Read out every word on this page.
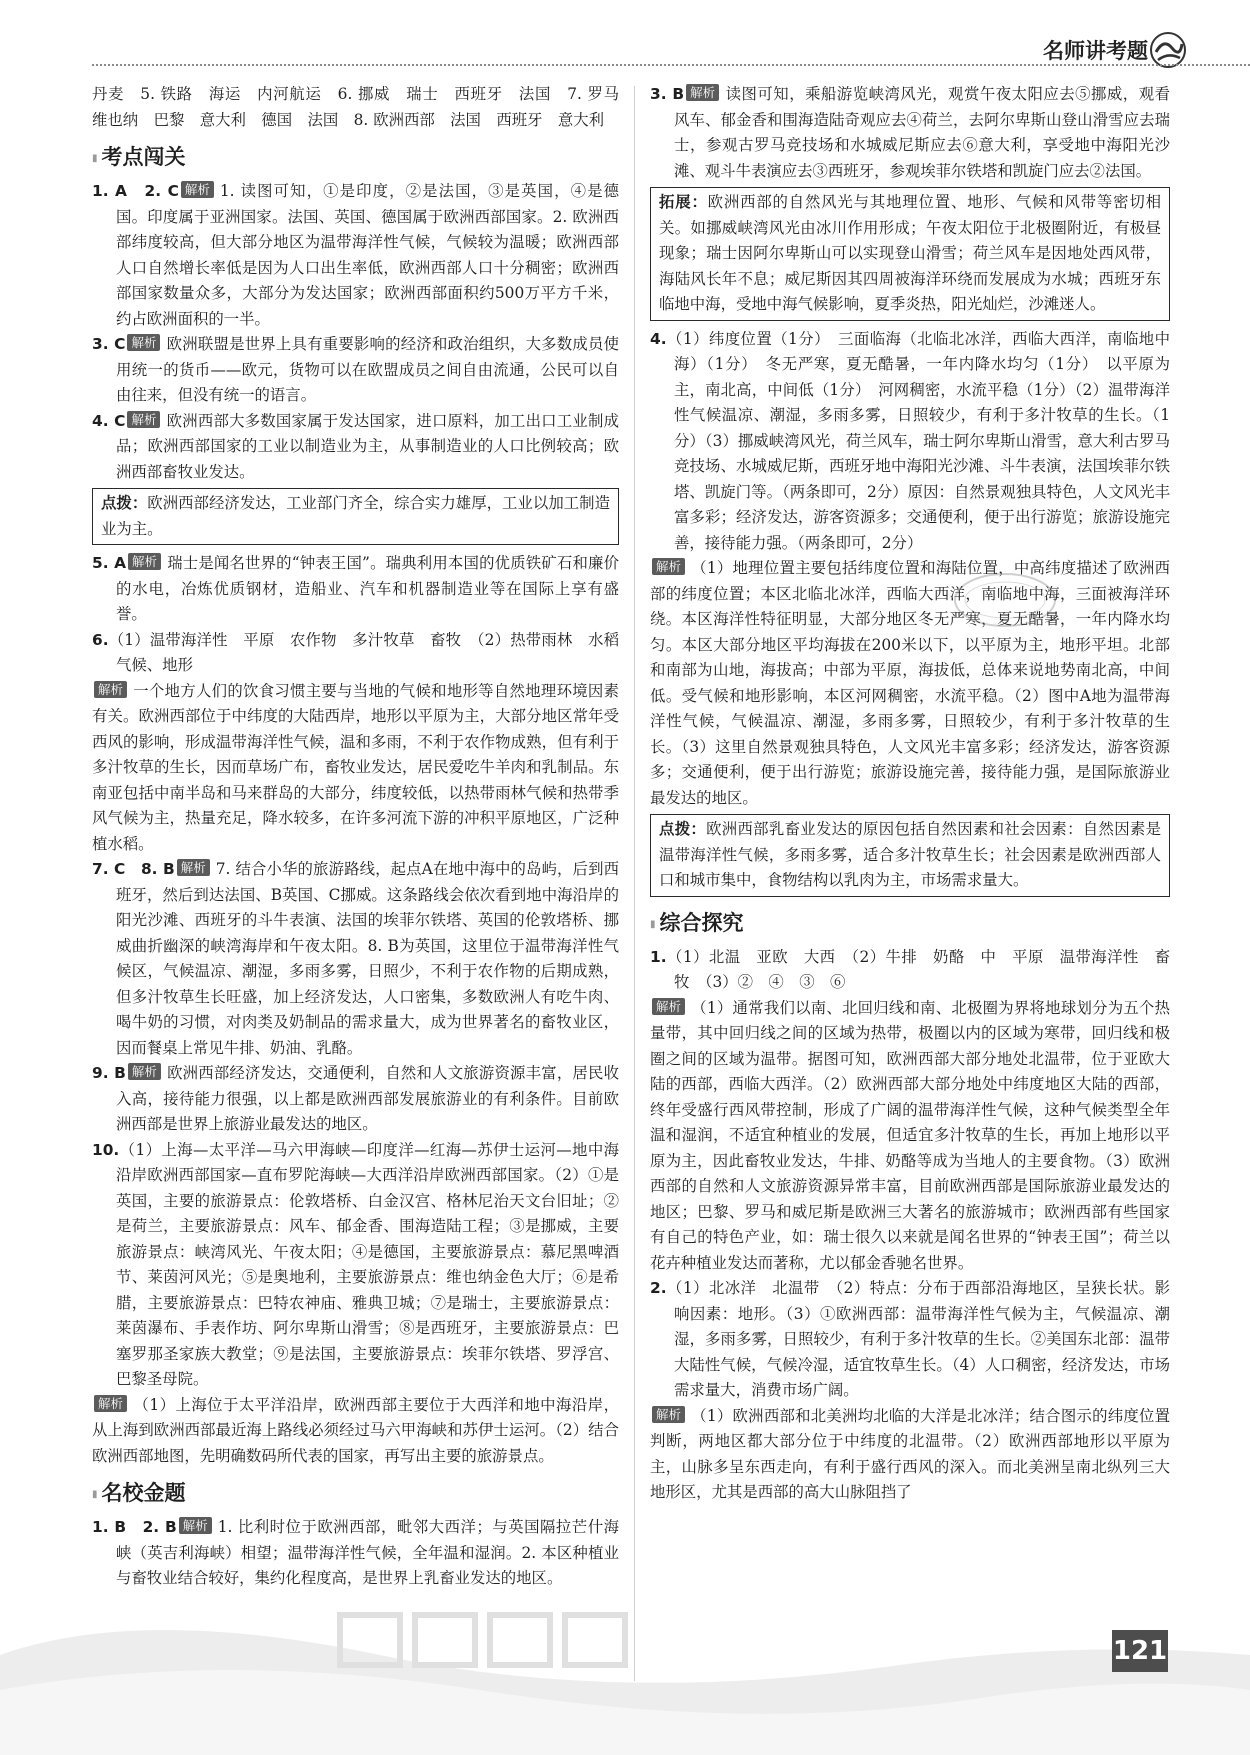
名师讲考题

丹麦　5. 铁路　海运　内河航运　6. 挪威　瑞士　西班牙　法国　7. 罗马　维也纳　巴黎　意大利　德国　法国　8. 欧洲西部　法国　西班牙　意大利

▮ 考点闯关

1. A　2. C 解析 1. 读图可知，①是印度，②是法国，③是英国，④是德国。印度属于亚洲国家。法国、英国、德国属于欧洲西部国家。2. 欧洲西部纬度较高，但大部分地区为温带海洋性气候，气候较为温暖；欧洲西部人口自然增长率低是因为人口出生率低，欧洲西部人口十分稠密；欧洲西部国家数量众多，大部分为发达国家；欧洲西部面积约500万平方千米，约占欧洲面积的一半。

3. C 解析 欧洲联盟是世界上具有重要影响的经济和政治组织，大多数成员使用统一的货币——欧元，货物可以在欧盟成员之间自由流通，公民可以自由往来，但没有统一的语言。

4. C 解析 欧洲西部大多数国家属于发达国家，进口原料，加工出口工业制成品；欧洲西部国家的工业以制造业为主，从事制造业的人口比例较高；欧洲西部畜牧业发达。

点拨：欧洲西部经济发达，工业部门齐全，综合实力雄厚，工业以加工制造业为主。

5. A 解析 瑞士是闻名世界的“钟表王国”。瑞典利用本国的优质铁矿石和廉价的水电，冶炼优质钢材，造船业、汽车和机器制造业等在国际上享有盛誉。

6.（1）温带海洋性　平原　农作物　多汁牧草　畜牧　（2）热带雨林　水稻　气候、地形

解析 一个地方人们的饮食习惯主要与当地的气候和地形等自然地理环境因素有关。欧洲西部位于中纬度的大陆西岸，地形以平原为主，大部分地区常年受西风的影响，形成温带海洋性气候，温和多雨，不利于农作物成熟，但有利于多汁牧草的生长，因而草场广布，畜牧业发达，居民爱吃牛羊肉和乳制品。东南亚包括中南半岛和马来群岛的大部分，纬度较低，以热带雨林气候和热带季风气候为主，热量充足，降水较多，在许多河流下游的冲积平原地区，广泛种植水稻。

7. C　8. B 解析 7. 结合小华的旅游路线，起点A在地中海中的岛屿，后到西班牙，然后到达法国、B英国、C挪威。这条路线会依次看到地中海沿岸的阳光沙滩、西班牙的斗牛表演、法国的埃菲尔铁塔、英国的伦敦塔桥、挪威曲折幽深的峡湾海岸和午夜太阳。8. B为英国，这里位于温带海洋性气候区，气候温凉、潮湿，多雨多雾，日照少，不利于农作物的后期成熟，但多汁牧草生长旺盛，加上经济发达，人口密集，多数欧洲人有吃牛肉、喝牛奶的习惯，对肉类及奶制品的需求量大，成为世界著名的畜牧业区，因而餐桌上常见牛排、奶油、乳酪。

9. B 解析 欧洲西部经济发达，交通便利，自然和人文旅游资源丰富，居民收入高，接待能力很强，以上都是欧洲西部发展旅游业的有利条件。目前欧洲西部是世界上旅游业最发达的地区。

10.（1）上海—太平洋—马六甲海峡—印度洋—红海—苏伊士运河—地中海沿岸欧洲西部国家—直布罗陀海峡—大西洋沿岸欧洲西部国家。（2）①是英国，主要的旅游景点：伦敦塔桥、白金汉宫、格林尼治天文台旧址；②是荷兰，主要旅游景点：风车、郁金香、围海造陆工程；③是挪威，主要旅游景点：峡湾风光、午夜太阳；④是德国，主要旅游景点：慕尼黑啤酒节、莱茵河风光；⑤是奥地利，主要旅游景点：维也纳金色大厅；⑥是希腊，主要旅游景点：巴特农神庙、雅典卫城；⑦是瑞士，主要旅游景点：莱茵瀑布、手表作坊、阿尔卑斯山滑雪；⑧是西班牙，主要旅游景点：巴塞罗那圣家族大教堂；⑨是法国，主要旅游景点：埃菲尔铁塔、罗浮宫、巴黎圣母院。

解析 （1）上海位于太平洋沿岸，欧洲西部主要位于大西洋和地中海沿岸，从上海到欧洲西部最近海上路线必须经过马六甲海峡和苏伊士运河。（2）结合欧洲西部地图，先明确数码所代表的国家，再写出主要的旅游景点。

▮ 名校金题

1. B　2. B 解析 1. 比利时位于欧洲西部，毗邻大西洋；与英国隔拉芒什海峡（英吉利海峡）相望；温带海洋性气候，全年温和湿润。2. 本区种植业与畜牧业结合较好，集约化程度高，是世界上乳畜业发达的地区。

3. B 解析 读图可知，乘船游览峡湾风光，观赏午夜太阳应去⑤挪威，观看风车、郁金香和围海造陆奇观应去④荷兰，去阿尔卑斯山登山滑雪应去瑞士，参观古罗马竞技场和水城威尼斯应去⑥意大利，享受地中海阳光沙滩、观斗牛表演应去③西班牙，参观埃菲尔铁塔和凯旋门应去②法国。

拓展：欧洲西部的自然风光与其地理位置、地形、气候和风带等密切相关。如挪威峡湾风光由冰川作用形成；午夜太阳位于北极圈附近，有极昼现象；瑞士因阿尔卑斯山可以实现登山滑雪；荷兰风车是因地处西风带，海陆风长年不息；威尼斯因其四周被海洋环绕而发展成为水城；西班牙东临地中海，受地中海气候影响，夏季炎热，阳光灿烂，沙滩迷人。

4.（1）纬度位置（1分）　三面临海（北临北冰洋，西临大西洋，南临地中海）（1分）　冬无严寒，夏无酷暑，一年内降水均匀（1分）　以平原为主，南北高，中间低（1分）　河网稠密，水流平稳（1分）（2）温带海洋性气候温凉、潮湿，多雨多雾，日照较少，有利于多汁牧草的生长。（1分）（3）挪威峡湾风光，荷兰风车，瑞士阿尔卑斯山滑雪，意大利古罗马竞技场、水城威尼斯，西班牙地中海阳光沙滩、斗牛表演，法国埃菲尔铁塔、凯旋门等。（两条即可，2分）原因：自然景观独具特色，人文风光丰富多彩；经济发达，游客资源多；交通便利，便于出行游览；旅游设施完善，接待能力强。（两条即可，2分）

解析 （1）地理位置主要包括纬度位置和海陆位置，中高纬度描述了欧洲西部的纬度位置；本区北临北冰洋，西临大西洋，南临地中海，三面被海洋环绕。本区海洋性特征明显，大部分地区冬无严寒，夏无酷暑，一年内降水均匀。本区大部分地区平均海拔在200米以下，以平原为主，地形平坦。北部和南部为山地，海拔高；中部为平原，海拔低，总体来说地势南北高，中间低。受气候和地形影响，本区河网稠密，水流平稳。（2）图中A地为温带海洋性气候，气候温凉、潮湿，多雨多雾，日照较少，有利于多汁牧草的生长。（3）这里自然景观独具特色，人文风光丰富多彩；经济发达，游客资源多；交通便利，便于出行游览；旅游设施完善，接待能力强，是国际旅游业最发达的地区。

点拨：欧洲西部乳畜业发达的原因包括自然因素和社会因素：自然因素是温带海洋性气候，多雨多雾，适合多汁牧草生长；社会因素是欧洲西部人口和城市集中，食物结构以乳肉为主，市场需求量大。
▮ 综合探究

1.（1）北温　亚欧　大西　（2）牛排　奶酪　中　平原　温带海洋性　畜牧　（3）②　④　③　⑥

解析 （1）通常我们以南、北回归线和南、北极圈为界将地球划分为五个热量带，其中回归线之间的区域为热带，极圈以内的区域为寒带，回归线和极圈之间的区域为温带。据图可知，欧洲西部大部分地处北温带，位于亚欧大陆的西部，西临大西洋。（2）欧洲西部大部分地处中纬度地区大陆的西部，终年受盛行西风带控制，形成了广阔的温带海洋性气候，这种气候类型全年温和湿润，不适宜种植业的发展，但适宜多汁牧草的生长，再加上地形以平原为主，因此畜牧业发达，牛排、奶酪等成为当地人的主要食物。（3）欧洲西部的自然和人文旅游资源异常丰富，目前欧洲西部是国际旅游业最发达的地区；巴黎、罗马和威尼斯是欧洲三大著名的旅游城市；欧洲西部有些国家有自己的特色产业，如：瑞士很久以来就是闻名世界的“钟表王国”；荷兰以花卉种植业发达而著称，尤以郁金香驰名世界。

2.（1）北冰洋　北温带　（2）特点：分布于西部沿海地区，呈狭长状。影响因素：地形。（3）①欧洲西部：温带海洋性气候为主，气候温凉、潮湿，多雨多雾，日照较少，有利于多汁牧草的生长。②美国东北部：温带大陆性气候，气候冷湿，适宜牧草生长。（4）人口稠密，经济发达，市场需求量大，消费市场广阔。

解析 （1）欧洲西部和北美洲均北临的大洋是北冰洋；结合图示的纬度位置判断，两地区都大部分位于中纬度的北温带。（2）欧洲西部地形以平原为主，山脉多呈东西走向，有利于盛行西风的深入。而北美洲呈南北纵列三大地形区，尤其是西部的高大山脉阻挡了

121
